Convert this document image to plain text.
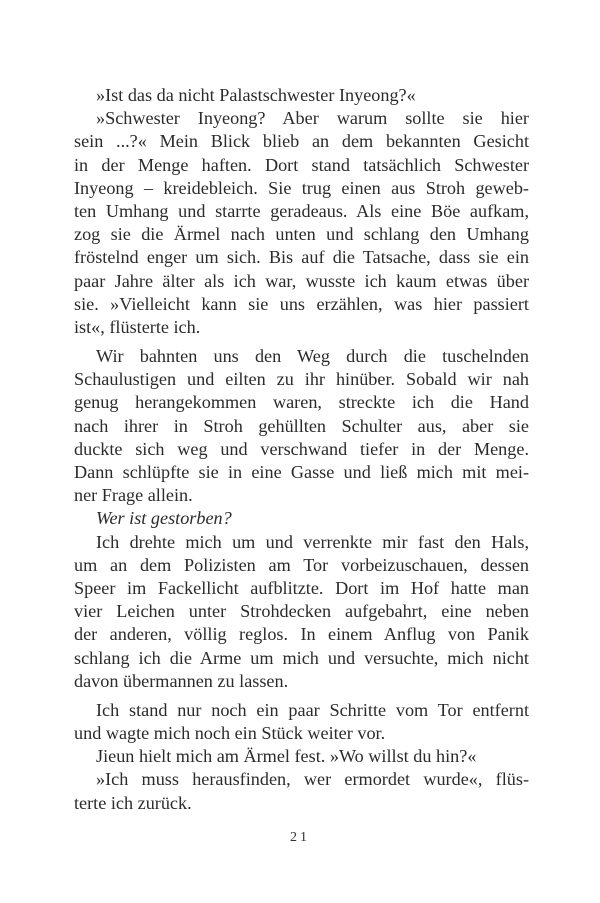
»Ist das da nicht Palastschwester Inyeong?«

»Schwester Inyeong? Aber warum sollte sie hier
sein ...?« Mein Blick blieb an dem bekannten Gesicht
in der Menge haften. Dort stand tatsächlich Schwester
Inyeong – kreidebleich. Sie trug einen aus Stroh geweb-
ten Umhang und starrte geradeaus. Als eine Böe aufkam,
zog sie die Ärmel nach unten und schlang den Umhang
fröstelnd enger um sich. Bis auf die Tatsache, dass sie ein
paar Jahre älter als ich war, wusste ich kaum etwas über
sie. »Vielleicht kann sie uns erzählen, was hier passiert
ist«, flüsterte ich.

Wir bahnten uns den Weg durch die tuschelnden
Schaulustigen und eilten zu ihr hinüber. Sobald wir nah
genug herangekommen waren, streckte ich die Hand
nach ihrer in Stroh gehüllten Schulter aus, aber sie
duckte sich weg und verschwand tiefer in der Menge.
Dann schlüpfte sie in eine Gasse und ließ mich mit mei-
ner Frage allein.

Wer ist gestorben?

Ich drehte mich um und verrenkte mir fast den Hals,
um an dem Polizisten am Tor vorbeizuschauen, dessen
Speer im Fackellicht aufblitzte. Dort im Hof hatte man
vier Leichen unter Strohdecken aufgebahrt, eine neben
der anderen, völlig reglos. In einem Anflug von Panik
schlang ich die Arme um mich und versuchte, mich nicht
davon übermannen zu lassen.

Ich stand nur noch ein paar Schritte vom Tor entfernt
und wagte mich noch ein Stück weiter vor.

Jieun hielt mich am Ärmel fest. »Wo willst du hin?«

»Ich muss herausfinden, wer ermordet wurde«, flüs-
terte ich zurück.

21
